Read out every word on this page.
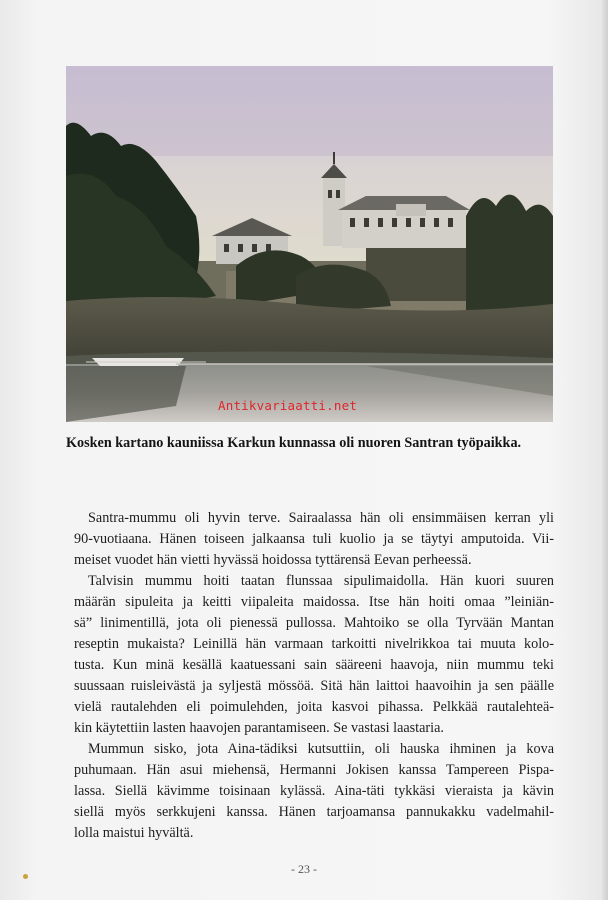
Antikvariaatti.net
Kosken kartano kauniissa Karkun kunnassa oli nuoren Santran työpaikka.
Santra-mummu oli hyvin terve. Sairaalassa hän oli ensimmäisen kerran yli
90-vuotiaana. Hänen toiseen jalkaansa tuli kuolio ja se täytyi amputoida. Vii-
meiset vuodet hän vietti hyvässä hoidossa tyttärensä Eevan perheessä.
Talvisin mummu hoiti taatan flunssaa sipulimaidolla. Hän kuori suuren
määrän sipuleita ja keitti viipaleita maidossa. Itse hän hoiti omaa ”leiniän-
sä” linimentillä, jota oli pienessä pullossa. Mahtoiko se olla Tyrvään Mantan
reseptin mukaista? Leinillä hän varmaan tarkoitti nivelrikkoa tai muuta kolo-
tusta. Kun minä kesällä kaatuessani sain sääreeni haavoja, niin mummu teki
suussaan ruisleivästä ja syljestä mössöä. Sitä hän laittoi haavoihin ja sen päälle
vielä rautalehden eli poimulehden, joita kasvoi pihassa. Pelkkää rautalehteä-
kin käytettiin lasten haavojen parantamiseen. Se vastasi laastaria.
Mummun sisko, jota Aina-tädiksi kutsuttiin, oli hauska ihminen ja kova
puhumaan. Hän asui miehensä, Hermanni Jokisen kanssa Tampereen Pispa-
lassa. Siellä kävimme toisinaan kylässä. Aina-täti tykkäsi vieraista ja kävin
siellä myös serkkujeni kanssa. Hänen tarjoamansa pannukakku vadelmahil-
lolla maistui hyvältä.
- 23 -
